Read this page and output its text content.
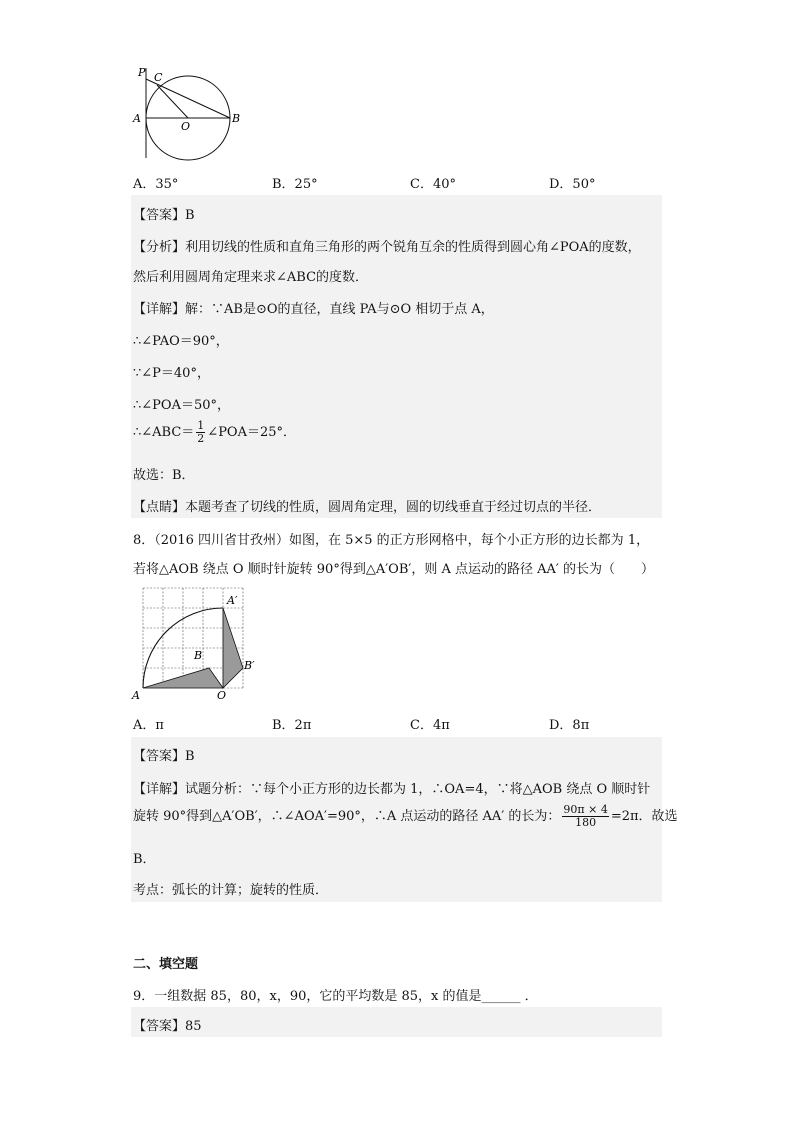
P C
A
O
B
A．35°	B．25°	C．40°	D．50°
【答案】B
【分析】利用切线的性质和直角三角形的两个锐角互余的性质得到圆心角∠POA的度数，
然后利用圆周角定理来求∠ABC的度数．
【详解】解：∵AB是⊙O的直径，直线 PA与⊙O 相切于点 A，
∴∠PAO＝90°，
∵∠P＝40°，
∴∠POA＝50°，
∴∠ABC＝ $\frac{1}{2}$ ∠POA＝25°．
故选：B．
【点睛】本题考查了切线的性质，圆周角定理，圆的切线垂直于经过切点的半径．
8．（2016 四川省甘孜州）如图，在 5×5 的正方形网格中，每个小正方形的边长都为 1，
若将△AOB 绕点 O 顺时针旋转 90°得到△A′OB′，则 A 点运动的路径 AA′ 的长为（　　）
A	O
B
A′
B′
A．π	B．2π	C．4π	D．8π
【答案】B
【详解】试题分析：∵每个小正方形的边长都为 1，∴OA=4，∵将△AOB 绕点 O 顺时针
旋转 90°得到△A′OB′，∴∠AOA′=90°，∴A 点运动的路径 AA′ 的长为： $\frac{90\pi \times 4}{180} =2\pi$．故选
B．
考点：弧长的计算；旋转的性质．
二、填空题
9．一组数据 85，80，x，90，它的平均数是 85，x 的值是______ ．
【答案】85
